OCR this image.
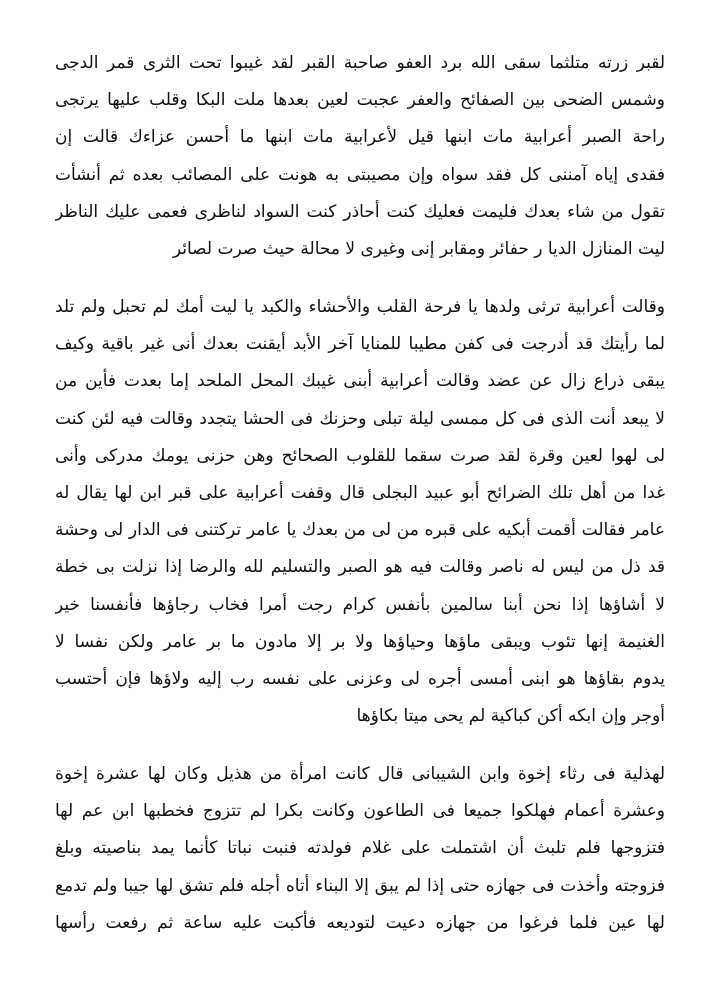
لقبر زرته متلثما سقى الله برد العفو صاحبة القبر لقد غيبوا تحت الثرى قمر الدجى
وشمس الضحى بين الصفائح والعفر عجبت لعين بعدها ملت البكا وقلب عليها يرتجى
راحة الصبر أعرابية مات ابنها قيل لأعرابية مات ابنها ما أحسن عزاءك قالت إن
فقدى إياه آمننى كل فقد سواه وإن مصيبتى به هونت على المصائب بعده ثم أنشأت
تقول من شاء بعدك فليمت فعليك كنت أحاذر كنت السواد لناظرى فعمى عليك الناظر
ليت المنازل الديا ر حفائر ومقابر إنى وغيرى لا محالة حيث صرت لصائر
وقالت أعرابية ترثى ولدها يا فرحة القلب والأحشاء والكبد يا ليت أمك لم تحبل ولم تلد
لما رأيتك قد أدرجت فى كفن مطيبا للمنايا آخر الأبد أيقنت بعدك أنى غير باقية وكيف
يبقى ذراع زال عن عضد وقالت أعرابية أبنى غيبك المحل الملحد إما بعدت فأين من
لا يبعد أنت الذى فى كل ممسى ليلة تبلى وحزنك فى الحشا يتجدد وقالت فيه لئن كنت
لى لهوا لعين وقرة لقد صرت سقما للقلوب الصحائح وهن حزنى يومك مدركى وأنى
غدا من أهل تلك الضرائح أبو عبيد البجلى قال وقفت أعرابية على قبر ابن لها يقال له
عامر فقالت أقمت أبكيه على قبره من لى من بعدك يا عامر تركتنى فى الدار لى وحشة
قد ذل من ليس له ناصر وقالت فيه هو الصبر والتسليم لله والرضا إذا نزلت بى خطة
لا أشاؤها إذا نحن أبنا سالمين بأنفس كرام رجت أمرا فخاب رجاؤها فأنفسنا خير
الغنيمة إنها تئوب ويبقى ماؤها وحياؤها ولا بر إلا مادون ما بر عامر ولكن نفسا لا
يدوم بقاؤها هو ابنى أمسى أجره لى وعزنى على نفسه رب إليه ولاؤها فإن أحتسب
أوجر وإن ابكه أكن كباكية لم يحى ميتا بكاؤها
لهذلية فى رثاء إخوة وابن الشيبانى قال كانت امرأة من هذيل وكان لها عشرة إخوة
وعشرة أعمام فهلكوا جميعا فى الطاعون وكانت بكرا لم تتزوج فخطبها ابن عم لها
فتزوجها فلم تلبث أن اشتملت على غلام فولدته فنبت نباتا كأنما يمد بناصيته وبلغ
فزوجته وأخذت فى جهازه حتى إذا لم يبق إلا البناء أتاه أجله فلم تشق لها جيبا ولم تدمع
لها عين فلما فرغوا من جهازه دعيت لتوديعه فأكبت عليه ساعة ثم رفعت رأسها
